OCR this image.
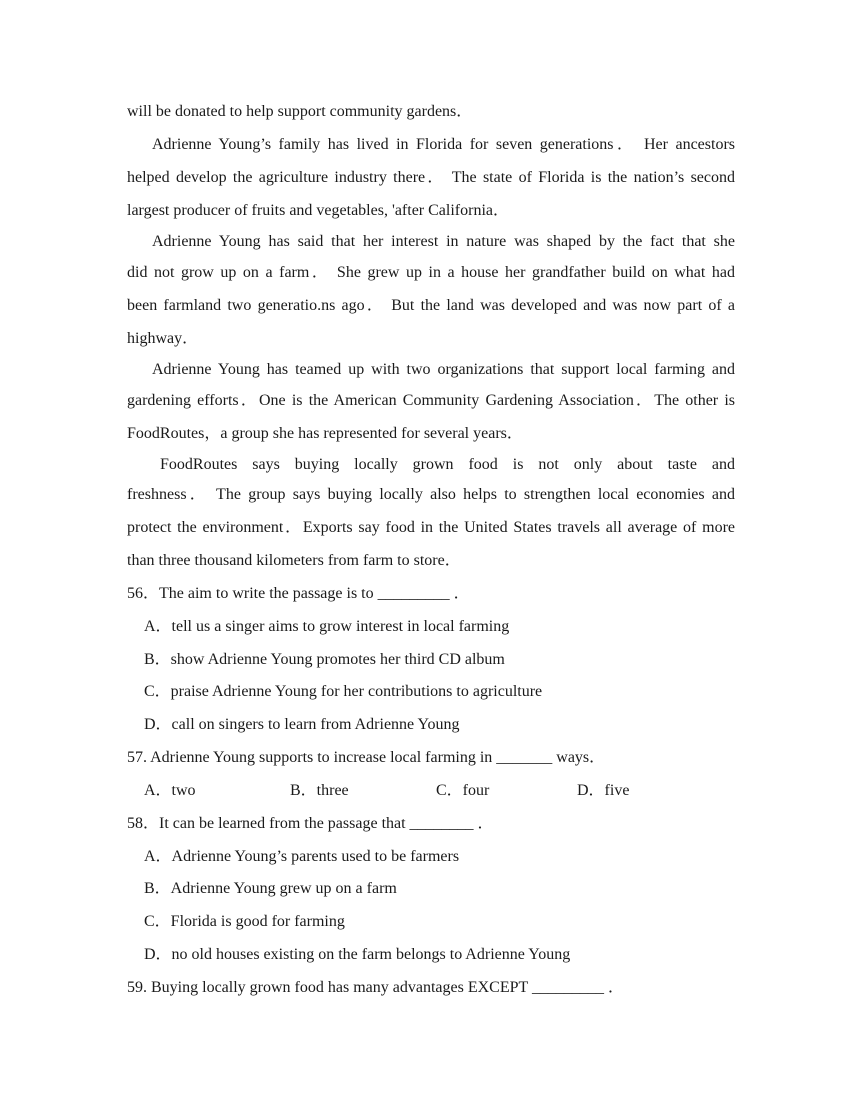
will be donated to help support community gardens．
Adrienne Young’s family has lived in Florida for seven generations． Her ancestors
helped develop the agriculture industry there． The state of Florida is the nation’s second
largest producer of fruits and vegetables, 'after California．
Adrienne Young has said that her interest in nature was shaped by the fact that she
did not grow up on a farm． She grew up in a house her grandfather build on what had
been farmland two generatio.ns ago． But the land was developed and was now part of a
highway．
Adrienne Young has teamed up with two organizations that support local farming and
gardening efforts．One is the American Community Gardening Association．The other is
FoodRoutes，a group she has represented for several years．
FoodRoutes says buying locally grown food is not only about taste and
freshness． The group says buying locally also helps to strengthen local economies and
protect the environment．Exports say food in the United States travels all average of more
than three thousand kilometers from farm to store．
56．The aim to write the passage is to _________ ．
A．tell us a singer aims to grow interest in local farming
B．show Adrienne Young promotes her third CD album
C．praise Adrienne Young for her contributions to agriculture
D．call on singers to learn from Adrienne Young
57. Adrienne Young supports to increase local farming in _______ ways．
A．two	B．three	C．four	D．five
58．It can be learned from the passage that ________ ．
A．Adrienne Young’s parents used to be farmers
B．Adrienne Young grew up on a farm
C．Florida is good for farming
D．no old houses existing on the farm belongs to Adrienne Young
59. Buying locally grown food has many advantages EXCEPT _________ ．
